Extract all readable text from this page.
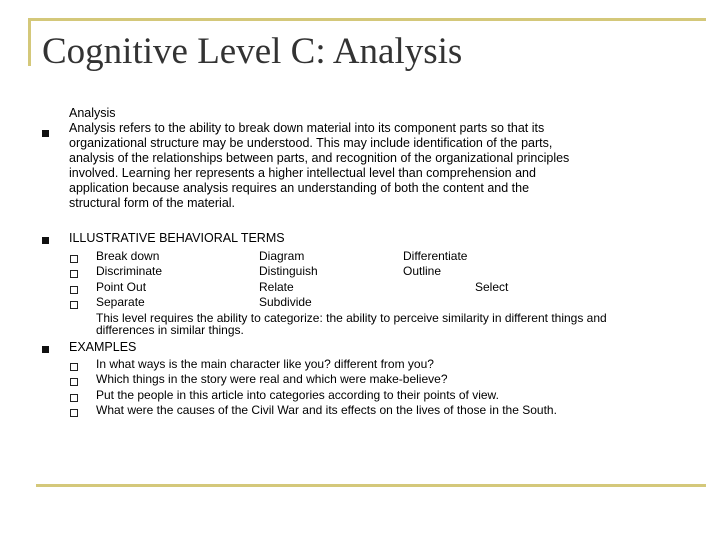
Cognitive Level C: Analysis
Analysis
Analysis refers to the ability to break down material into its component parts so that its
organizational structure may be understood. This may include identification of the parts,
analysis of the relationships between parts, and recognition of the organizational principles
involved. Learning her represents a higher intellectual level than comprehension and
application because analysis requires an understanding of both the content and the
structural form of the material.
ILLUSTRATIVE BEHAVIORAL TERMS
Break down
Discriminate
Point Out
Separate
Diagram
Distinguish
Relate
Subdivide
Differentiate
Outline
Select
This level requires the ability to categorize: the ability to perceive similarity in different things and
differences in similar things.
EXAMPLES
In what ways is the main character like you? different from you?
Which things in the story were real and which were make-believe?
Put the people in this article into categories according to their points of view.
What were the causes of the Civil War and its effects on the lives of those in the South.
